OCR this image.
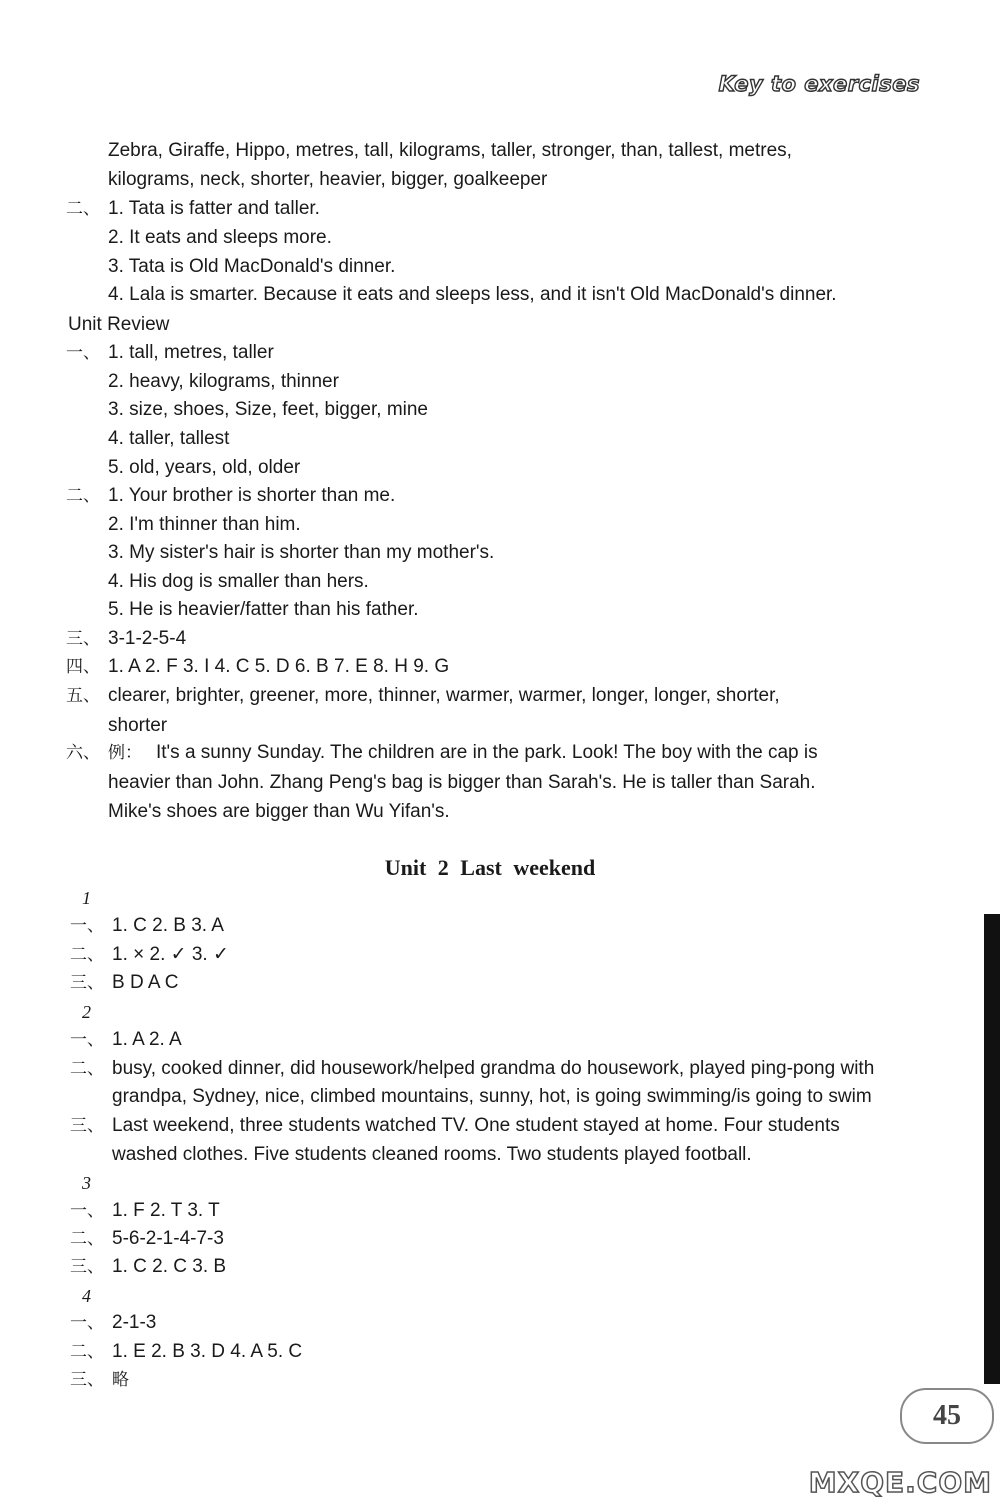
Key to exercises
Zebra, Giraffe, Hippo, metres, tall, kilograms, taller, stronger, than, tallest, metres,
kilograms, neck, shorter, heavier, bigger, goalkeeper
二、 1. Tata is fatter and taller.
2. It eats and sleeps more.
3. Tata is Old MacDonald's dinner.
4. Lala is smarter. Because it eats and sleeps less, and it isn't Old MacDonald's dinner.
Unit Review
一、 1. tall, metres, taller
2. heavy, kilograms, thinner
3. size, shoes, Size, feet, bigger, mine
4. taller, tallest
5. old, years, old, older
二、 1. Your brother is shorter than me.
2. I'm thinner than him.
3. My sister's hair is shorter than my mother's.
4. His dog is smaller than hers.
5. He is heavier/fatter than his father.
三、 3-1-2-5-4
四、 1. A 2. F 3. I 4. C 5. D 6. B 7. E 8. H 9. G
五、 clearer, brighter, greener, more, thinner, warmer, warmer, longer, longer, shorter,
shorter
六、 例： It's a sunny Sunday. The children are in the park. Look! The boy with the cap is
heavier than John. Zhang Peng's bag is bigger than Sarah's. He is taller than Sarah.
Mike's shoes are bigger than Wu Yifan's.
Unit 2 Last weekend
1
一、 1. C 2. B 3. A
二、 1. × 2. ✓ 3. ✓
三、 B D A C
2
一、 1. A 2. A
二、 busy, cooked dinner, did housework/helped grandma do housework, played ping-pong with
grandpa, Sydney, nice, climbed mountains, sunny, hot, is going swimming/is going to swim
三、 Last weekend, three students watched TV. One student stayed at home. Four students
washed clothes. Five students cleaned rooms. Two students played football.
3
一、 1. F 2. T 3. T
二、 5-6-2-1-4-7-3
三、 1. C 2. C 3. B
4
一、 2-1-3
二、 1. E 2. B 3. D 4. A 5. C
三、 略
45
MXQE.COM
